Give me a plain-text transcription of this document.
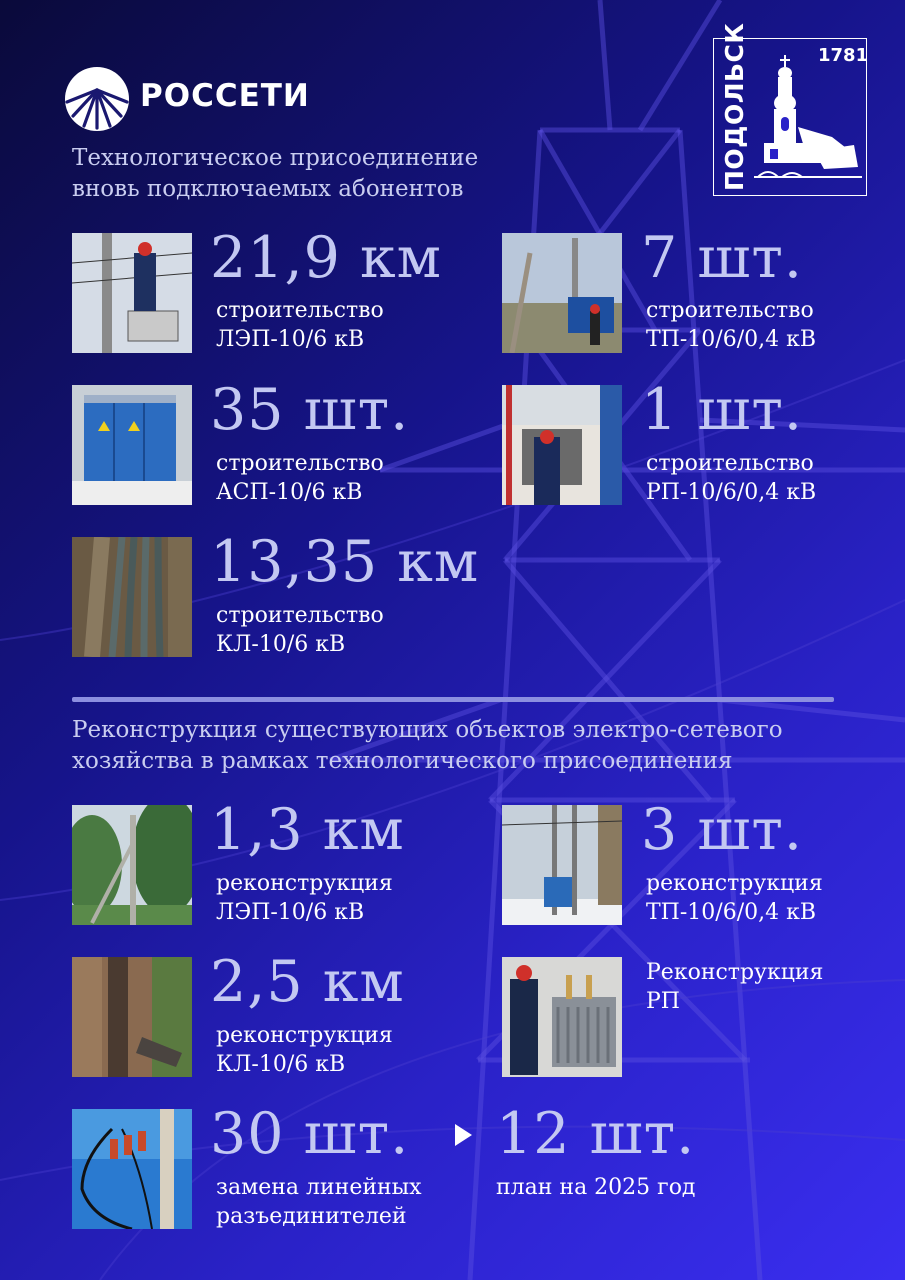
РОССЕТИ	ПОДОЛЬСК	1781
Технологическое присоединение
вновь подключаемых абонентов
21,9 км
строительство
ЛЭП-10/6 кВ
7 шт.
строительство
ТП-10/6/0,4 кВ
35 шт.
строительство
АСП-10/6 кВ
1 шт.
строительство
РП-10/6/0,4 кВ
13,35 км
строительство
КЛ-10/6 кВ
Реконструкция существующих объектов электро-сетевого
хозяйства в рамках технологического присоединения
1,3 км
реконструкция
ЛЭП-10/6 кВ
3 шт.
реконструкция
ТП-10/6/0,4 кВ
2,5 км
реконструкция
КЛ-10/6 кВ
Реконструкция
РП
30 шт.
замена линейных
разъединителей
12 шт.
план на 2025 год
